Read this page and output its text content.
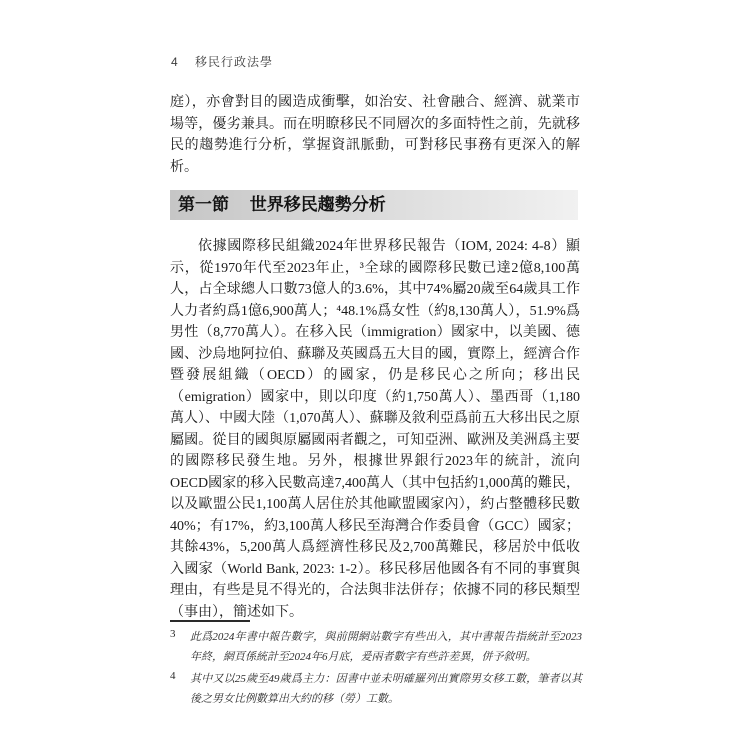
4 移民行政法學

庭），亦會對目的國造成衝擊，如治安、社會融合、經濟、就業市場等，優劣兼具。而在明瞭移民不同層次的多面特性之前，先就移民的趨勢進行分析，掌握資訊脈動，可對移民事務有更深入的解析。

第一節 世界移民趨勢分析

依據國際移民組織2024年世界移民報告（IOM, 2024: 4-8）顯示，從1970年代至2023年止，³全球的國際移民數已達2億8,100萬人，占全球總人口數73億人的3.6%，其中74%屬20歲至64歲具工作人力者約爲1億6,900萬人；⁴48.1%爲女性（約8,130萬人），51.9%爲男性（8,770萬人）。在移入民（immigration）國家中，以美國、德國、沙烏地阿拉伯、蘇聯及英國爲五大目的國，實際上，經濟合作暨發展組織（OECD）的國家，仍是移民心之所向；移出民（emigration）國家中，則以印度（約1,750萬人）、墨西哥（1,180萬人）、中國大陸（1,070萬人）、蘇聯及敘利亞爲前五大移出民之原屬國。從目的國與原屬國兩者觀之，可知亞洲、歐洲及美洲爲主要的國際移民發生地。另外，根據世界銀行2023年的統計，流向OECD國家的移入民數高達7,400萬人（其中包括約1,000萬的難民，以及歐盟公民1,100萬人居住於其他歐盟國家內），約占整體移民數40%；有17%，約3,100萬人移民至海灣合作委員會（GCC）國家；其餘43%，5,200萬人爲經濟性移民及2,700萬難民，移居於中低收入國家（World Bank, 2023: 1-2）。移民移居他國各有不同的事實與理由，有些是見不得光的，合法與非法併存；依據不同的移民類型（事由），簡述如下。

3	此爲2024年書中報告數字，與前開網站數字有些出入，其中書報告指統計至2023年終，網頁係統計至2024年6月底，爰兩者數字有些許差異，併予敘明。
4	其中又以25歲至49歲爲主力：因書中並未明確羅列出實際男女移工數，筆者以其後之男女比例數算出大約的移（勞）工數。
